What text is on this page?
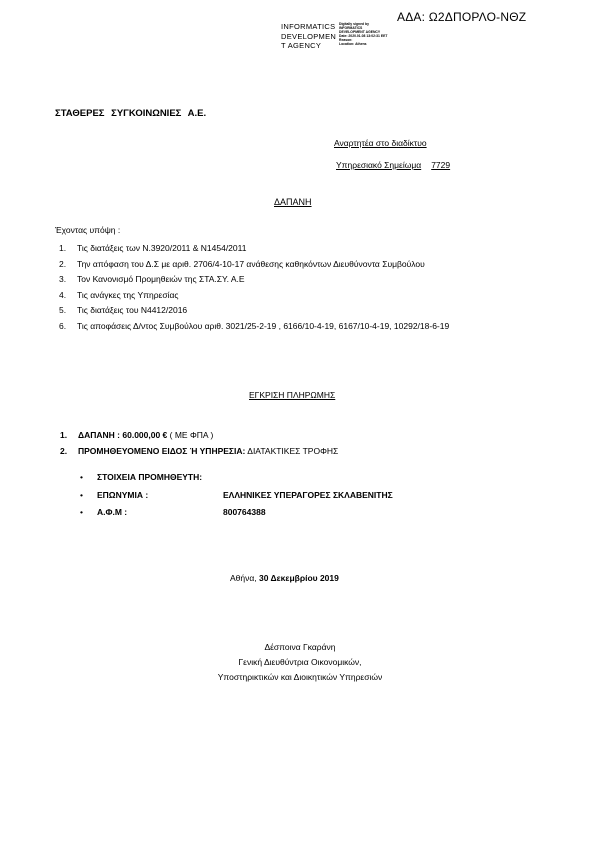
ΑΔΑ: Ω2ΔΠΟΡΛΟ-ΝΘΖ
INFORMATICS
DEVELOPMEN
T AGENCY
Digitally signed by
INFORMATICS
DEVELOPMENT AGENCY
Date: 2020.01.08 13:02:31 EET
Reason:
Location: Athens
ΣΤΑΘΕΡΕΣ ΣΥΓΚΟΙΝΩΝΙΕΣ Α.Ε.
Αναρτητέα στο διαδίκτυο
Υπηρεσιακό Σημείωμα 7729
ΔΑΠΑΝΗ
Έχοντας υπόψη :
1. Τις διατάξεις των Ν.3920/2011 & Ν1454/2011
2. Την απόφαση του Δ.Σ με αριθ. 2706/4-10-17 ανάθεσης καθηκόντων Διευθύνοντα Συμβούλου
3. Τον Κανονισμό Προμηθειών της ΣΤΑ.ΣΥ. Α.Ε
4. Τις ανάγκες της Υπηρεσίας
5. Τις διατάξεις του Ν4412/2016
6. Τις αποφάσεις Δ/ντος Συμβούλου αριθ. 3021/25-2-19 , 6166/10-4-19, 6167/10-4-19, 10292/18-6-19
ΕΓΚΡΙΣΗ ΠΛΗΡΩΜΗΣ
1. ΔΑΠΑΝΗ : 60.000,00 € ( ΜΕ ΦΠΑ )
2. ΠΡΟΜΗΘΕΥΟΜΕΝΟ ΕΙΔΟΣ Ή ΥΠΗΡΕΣΙΑ: ΔΙΑΤΑΚΤΙΚΕΣ ΤΡΟΦΗΣ
• ΣΤΟΙΧΕΙΑ ΠΡΟΜΗΘΕΥΤΗ:
• ΕΠΩΝΥΜΙΑ :	ΕΛΛΗΝΙΚΕΣ ΥΠΕΡΑΓΟΡΕΣ ΣΚΛΑΒΕΝΙΤΗΣ
• Α.Φ.Μ :	800764388
Αθήνα, 30 Δεκεμβρίου 2019
Δέσποινα Γκαράνη
Γενική Διευθύντρια Οικονομικών,
Υποστηρικτικών και Διοικητικών Υπηρεσιών
